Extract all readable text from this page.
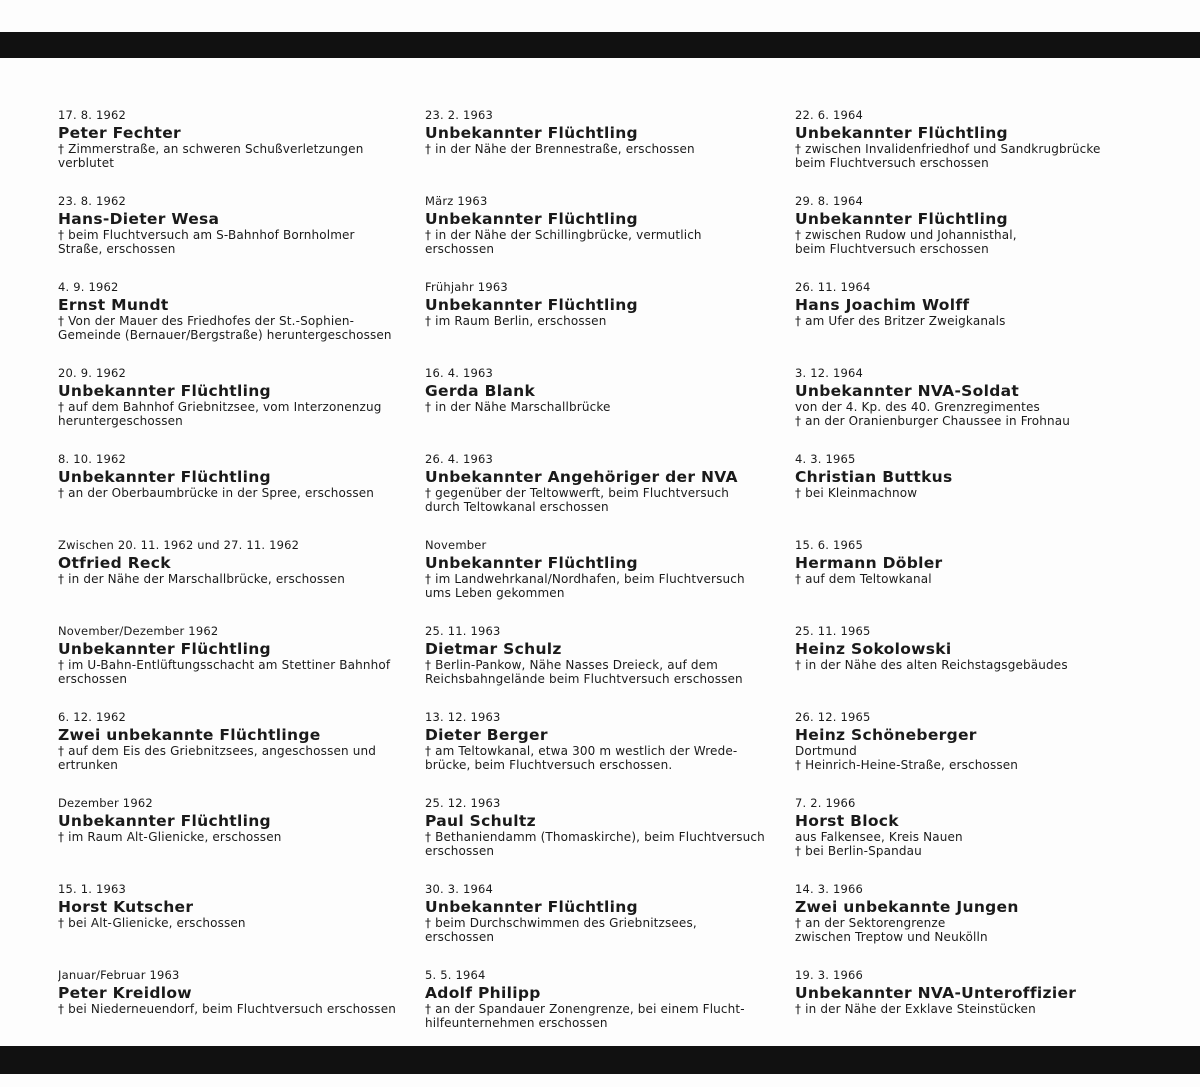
17. 8. 1962
Peter Fechter
† Zimmerstraße, an schweren Schußverletzungen
verblutet
23. 8. 1962
Hans-Dieter Wesa
† beim Fluchtversuch am S-Bahnhof Bornholmer
Straße, erschossen
4. 9. 1962
Ernst Mundt
† Von der Mauer des Friedhofes der St.-Sophien-
Gemeinde (Bernauer/Bergstraße) heruntergeschossen
20. 9. 1962
Unbekannter Flüchtling
† auf dem Bahnhof Griebnitzsee, vom Interzonenzug
heruntergeschossen
8. 10. 1962
Unbekannter Flüchtling
† an der Oberbaumbrücke in der Spree, erschossen
Zwischen 20. 11. 1962 und 27. 11. 1962
Otfried Reck
† in der Nähe der Marschallbrücke, erschossen
November/Dezember 1962
Unbekannter Flüchtling
† im U-Bahn-Entlüftungsschacht am Stettiner Bahnhof
erschossen
6. 12. 1962
Zwei unbekannte Flüchtlinge
† auf dem Eis des Griebnitzsees, angeschossen und
ertrunken
Dezember 1962
Unbekannter Flüchtling
† im Raum Alt-Glienicke, erschossen
15. 1. 1963
Horst Kutscher
† bei Alt-Glienicke, erschossen
Januar/Februar 1963
Peter Kreidlow
† bei Niederneuendorf, beim Fluchtversuch erschossen
23. 2. 1963
Unbekannter Flüchtling
† in der Nähe der Brennestraße, erschossen
März 1963
Unbekannter Flüchtling
† in der Nähe der Schillingbrücke, vermutlich
erschossen
Frühjahr 1963
Unbekannter Flüchtling
† im Raum Berlin, erschossen
16. 4. 1963
Gerda Blank
† in der Nähe Marschallbrücke
26. 4. 1963
Unbekannter Angehöriger der NVA
† gegenüber der Teltowwerft, beim Fluchtversuch
durch Teltowkanal erschossen
November
Unbekannter Flüchtling
† im Landwehrkanal/Nordhafen, beim Fluchtversuch
ums Leben gekommen
25. 11. 1963
Dietmar Schulz
† Berlin-Pankow, Nähe Nasses Dreieck, auf dem
Reichsbahngelände beim Fluchtversuch erschossen
13. 12. 1963
Dieter Berger
† am Teltowkanal, etwa 300 m westlich der Wrede-
brücke, beim Fluchtversuch erschossen.
25. 12. 1963
Paul Schultz
† Bethaniendamm (Thomaskirche), beim Fluchtversuch
erschossen
30. 3. 1964
Unbekannter Flüchtling
† beim Durchschwimmen des Griebnitzsees,
erschossen
5. 5. 1964
Adolf Philipp
† an der Spandauer Zonengrenze, bei einem Flucht-
hilfeunternehmen erschossen
22. 6. 1964
Unbekannter Flüchtling
† zwischen Invalidenfriedhof und Sandkrugbrücke
beim Fluchtversuch erschossen
29. 8. 1964
Unbekannter Flüchtling
† zwischen Rudow und Johannisthal,
beim Fluchtversuch erschossen
26. 11. 1964
Hans Joachim Wolff
† am Ufer des Britzer Zweigkanals
3. 12. 1964
Unbekannter NVA-Soldat
von der 4. Kp. des 40. Grenzregimentes
† an der Oranienburger Chaussee in Frohnau
4. 3. 1965
Christian Buttkus
† bei Kleinmachnow
15. 6. 1965
Hermann Döbler
† auf dem Teltowkanal
25. 11. 1965
Heinz Sokolowski
† in der Nähe des alten Reichstagsgebäudes
26. 12. 1965
Heinz Schöneberger
Dortmund
† Heinrich-Heine-Straße, erschossen
7. 2. 1966
Horst Block
aus Falkensee, Kreis Nauen
† bei Berlin-Spandau
14. 3. 1966
Zwei unbekannte Jungen
† an der Sektorengrenze
zwischen Treptow und Neukölln
19. 3. 1966
Unbekannter NVA-Unteroffizier
† in der Nähe der Exklave Steinstücken
